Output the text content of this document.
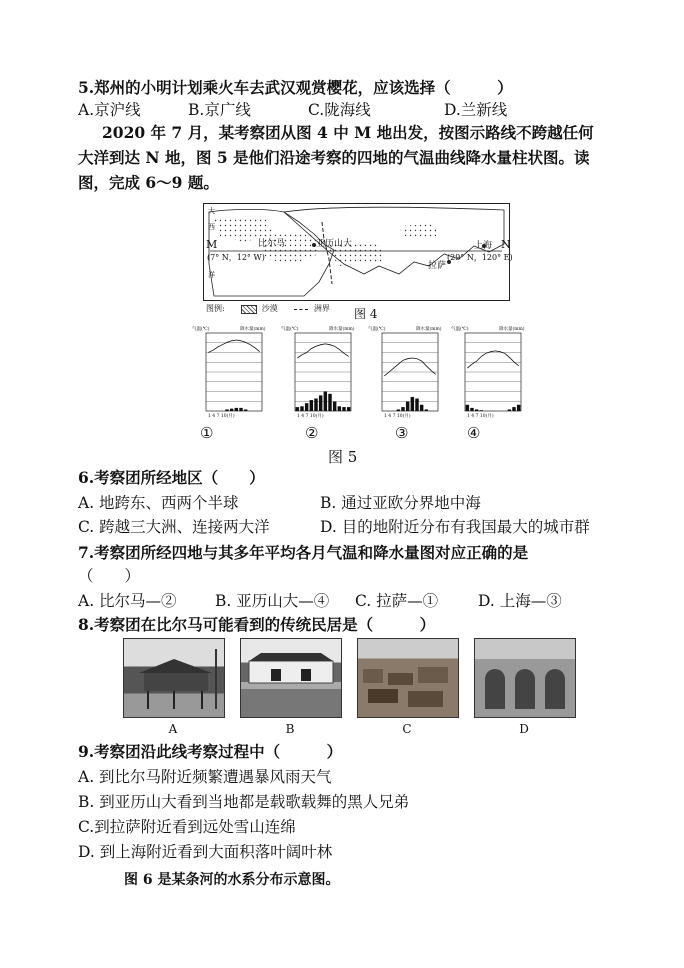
5.郑州的小明计划乘火车去武汉观赏樱花，应该选择（　　　）
A.京沪线	B.京广线	C.陇海线	D.兰新线
2020 年 7 月，某考察团从图 4 中 M 地出发，按图示路线不跨越任何大洋到达 N 地，图 5 是他们沿途考察的四地的气温曲线降水量柱状图。读图，完成 6～9 题。
M	N
(7° N，12° W)	(29° N，120° E)
比尔马	亚历山大
拉萨
上海
大
西
洋
图例:	沙漠	洲界 图 4
气温(℃)	降水量(mm)
1 4 7 10(月)
气温(℃)	降水量(mm)
1 4 7 10(月)
气温(℃)	降水量(mm)
1 4 7 10(月)
气温(℃)	降水量(mm)
1 4 7 10(月)
①	②	③	④
图 5
6.考察团所经地区（　　）
A. 地跨东、西两个半球	B. 通过亚欧分界地中海
C. 跨越三大洲、连接两大洋	D. 目的地附近分布有我国最大的城市群
7.考察团所经四地与其多年平均各月气温和降水量图对应正确的是
（　　）
A. 比尔马—② B. 亚历山大—④ C. 拉萨—①	D. 上海—③
8.考察团在比尔马可能看到的传统民居是（　　　）
A	B	C	D
9.考察团沿此线考察过程中（　　　）
A. 到比尔马附近频繁遭遇暴风雨天气
B. 到亚历山大看到当地都是载歌载舞的黑人兄弟
C.到拉萨附近看到远处雪山连绵
D. 到上海附近看到大面积落叶阔叶林
图 6 是某条河的水系分布示意图。
